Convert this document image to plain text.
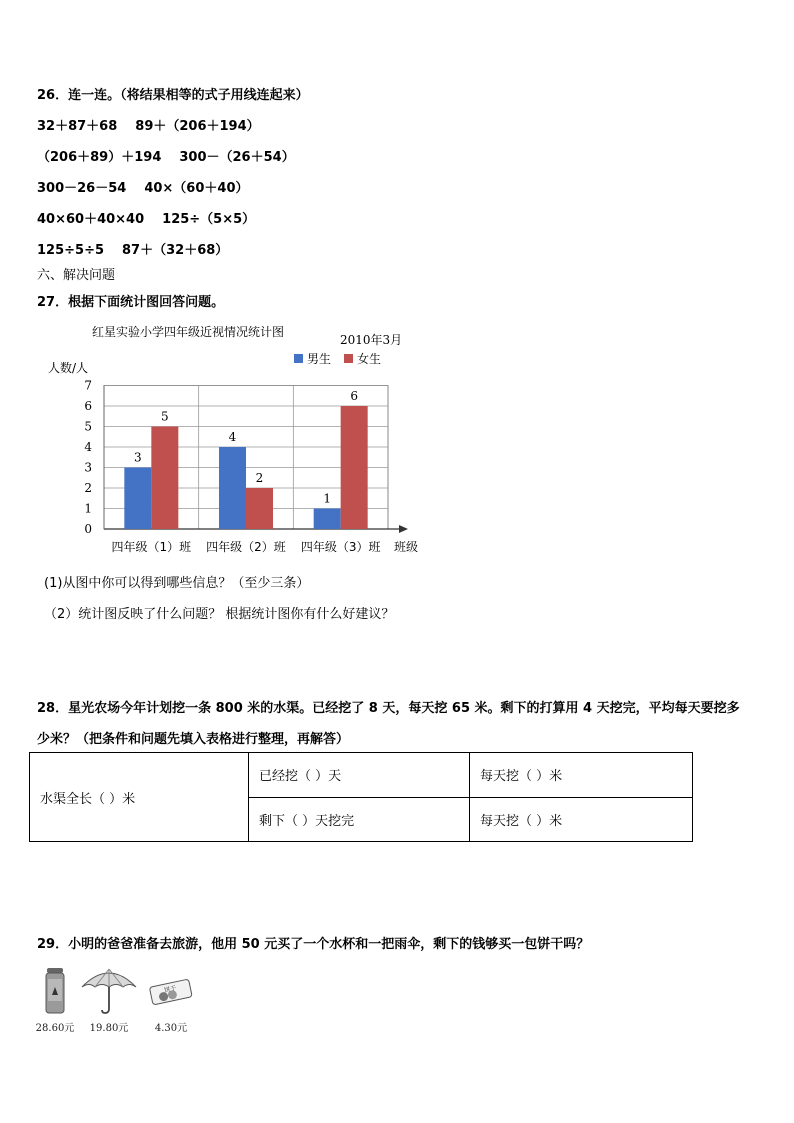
26．连一连。（将结果相等的式子用线连起来）
32＋87＋68 89＋（206＋194）
（206＋89）＋194 300－（26＋54）
300－26－54 40×（60＋40）
40×60＋40×40 125÷（5×5）
125÷5÷5 87＋（32＋68）
六、解决问题
27．根据下面统计图回答问题。
红星实验小学四年级近视情况统计图
2010年3月
男生 女生
人数/人
0
1
2
3
4
5
6
7
3
5
四年级（1）班
4
2
四年级（2）班
1
6
四年级（3）班 班级
(1)从图中你可以得到哪些信息？（至少三条）
（2）统计图反映了什么问题？ 根据统计图你有什么好建议？
28．星光农场今年计划挖一条 800 米的水渠。已经挖了 8 天，每天挖 65 米。剩下的打算用 4 天挖完，平均每天要挖多
少米？（把条件和问题先填入表格进行整理，再解答）
水渠全长（ ）米	已经挖（ ）天	每天挖（ ）米
	剩下（ ）天挖完	每天挖（ ）米
29．小明的爸爸准备去旅游，他用 50 元买了一个水杯和一把雨伞，剩下的钱够买一包饼干吗？
28.60元	19.80元
饼干
4.30元
